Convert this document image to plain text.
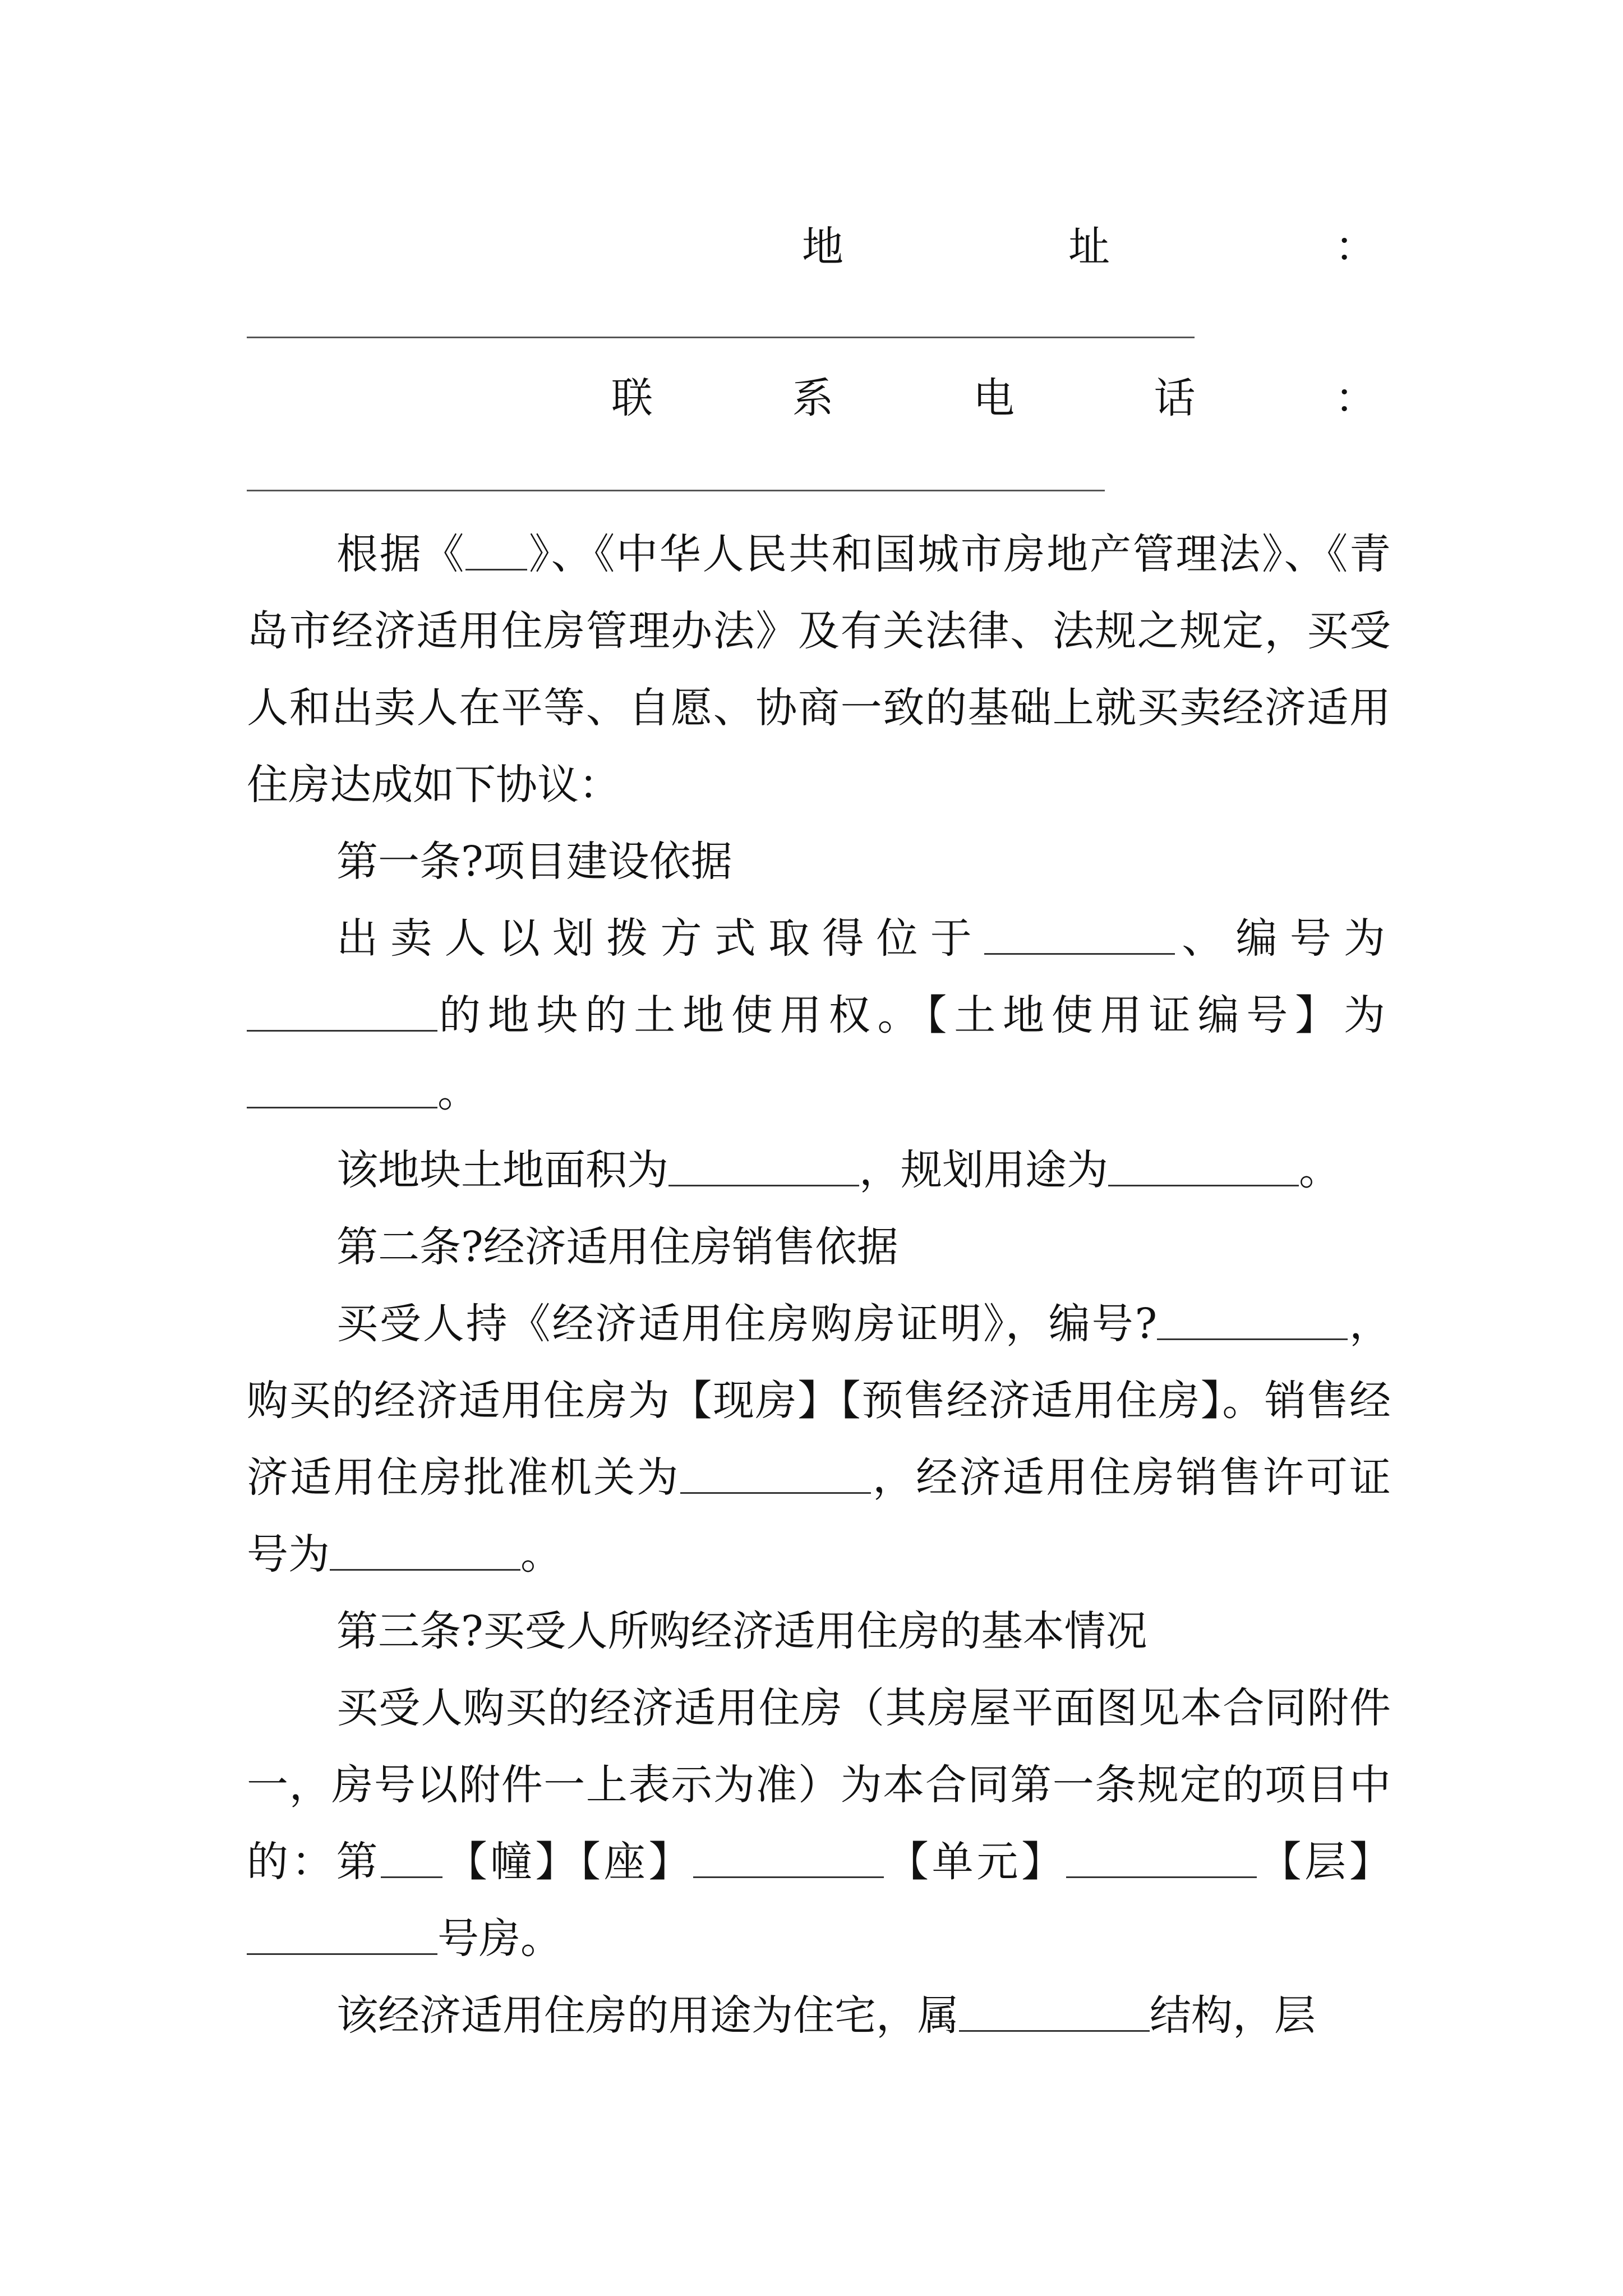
地	址	：
联	系	电	话	：

根据《 》、《中华人民共和国城市房地产管理法》、《青岛市经济适用住房管理办法》及有关法律、法规之规定，买受人和出卖人在平等、自愿、协商一致的基础上就买卖经济适用住房达成如下协议：

第一条?项目建设依据

出卖人以划拨方式取得位于	、编号为的地块的土地使用权。【土地使用证编号】为。

该地块土地面积为	，规划用途为	。

第二条?经济适用住房销售依据

买受人持《经济适用住房购房证明》，编号?	，购买的经济适用住房为【现房】【预售经济适用住房】。销售经济适用住房批准机关为	，经济适用住房销售许可证号为	。

第三条?买受人所购经济适用住房的基本情况

买受人购买的经济适用住房（其房屋平面图见本合同附件一，房号以附件一上表示为准）为本合同第一条规定的项目中的：第 【幢】【座】	【单元】	【层】号房。

该经济适用住房的用途为住宅，属	结构，层
